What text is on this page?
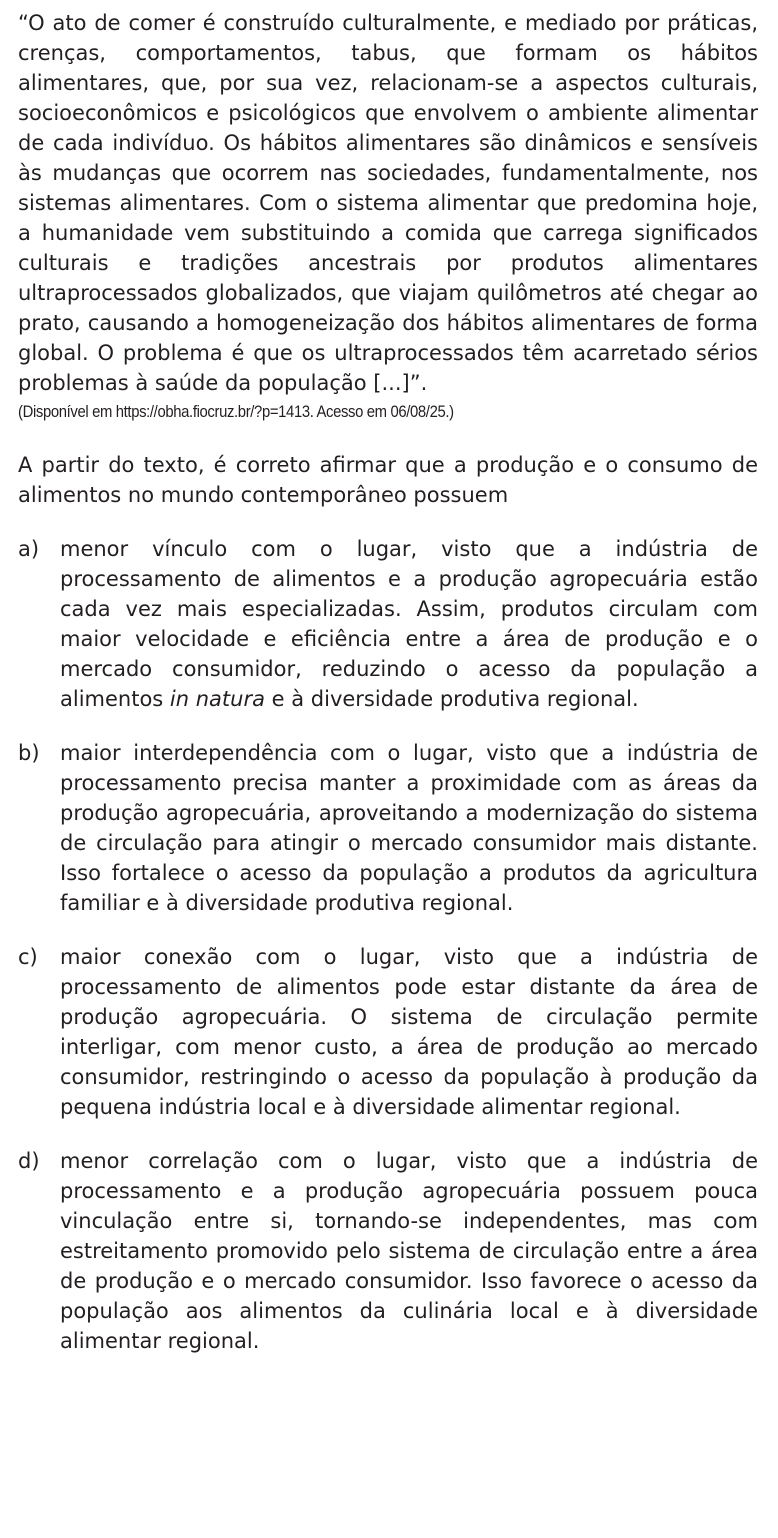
“O ato de comer é construído culturalmente, e mediado por práticas, crenças, comportamentos, tabus, que formam os hábitos alimentares, que, por sua vez, relacionam-se a aspectos culturais, socioeconômicos e psicológicos que envolvem o ambiente alimentar de cada indivíduo. Os hábitos alimentares são dinâmicos e sensíveis às mudanças que ocorrem nas sociedades, fundamentalmente, nos sistemas alimentares. Com o sistema alimentar que predomina hoje, a humanidade vem substituindo a comida que carrega significados culturais e tradições ancestrais por produtos alimentares ultraprocessados globalizados, que viajam quilômetros até chegar ao prato, causando a homogeneização dos hábitos alimentares de forma global. O problema é que os ultraprocessados têm acarretado sérios problemas à saúde da população [...]”.

(Disponível em https://obha.fiocruz.br/?p=1413. Acesso em 06/08/25.)

A partir do texto, é correto afirmar que a produção e o consumo de alimentos no mundo contemporâneo possuem

a) menor vínculo com o lugar, visto que a indústria de processamento de alimentos e a produção agropecuária estão cada vez mais especializadas. Assim, produtos circulam com maior velocidade e eficiência entre a área de produção e o mercado consumidor, reduzindo o acesso da população a alimentos in natura e à diversidade produtiva regional.

b) maior interdependência com o lugar, visto que a indústria de processamento precisa manter a proximidade com as áreas da produção agropecuária, aproveitando a modernização do sistema de circulação para atingir o mercado consumidor mais distante. Isso fortalece o acesso da população a produtos da agricultura familiar e à diversidade produtiva regional.

c)	maior conexão com o lugar, visto que a indústria de processamento de alimentos pode estar distante da área de produção agropecuária. O sistema de circulação permite interligar, com menor custo, a área de produção ao mercado consumidor, restringindo o acesso da população à produção da pequena indústria local e à diversidade alimentar regional.

d) menor correlação com o lugar, visto que a indústria de processamento e a produção agropecuária possuem pouca vinculação entre si, tornando-se independentes, mas com estreitamento promovido pelo sistema de circulação entre a área de produção e o mercado consumidor. Isso favorece o acesso da população aos alimentos da culinária local e à diversidade alimentar regional.
